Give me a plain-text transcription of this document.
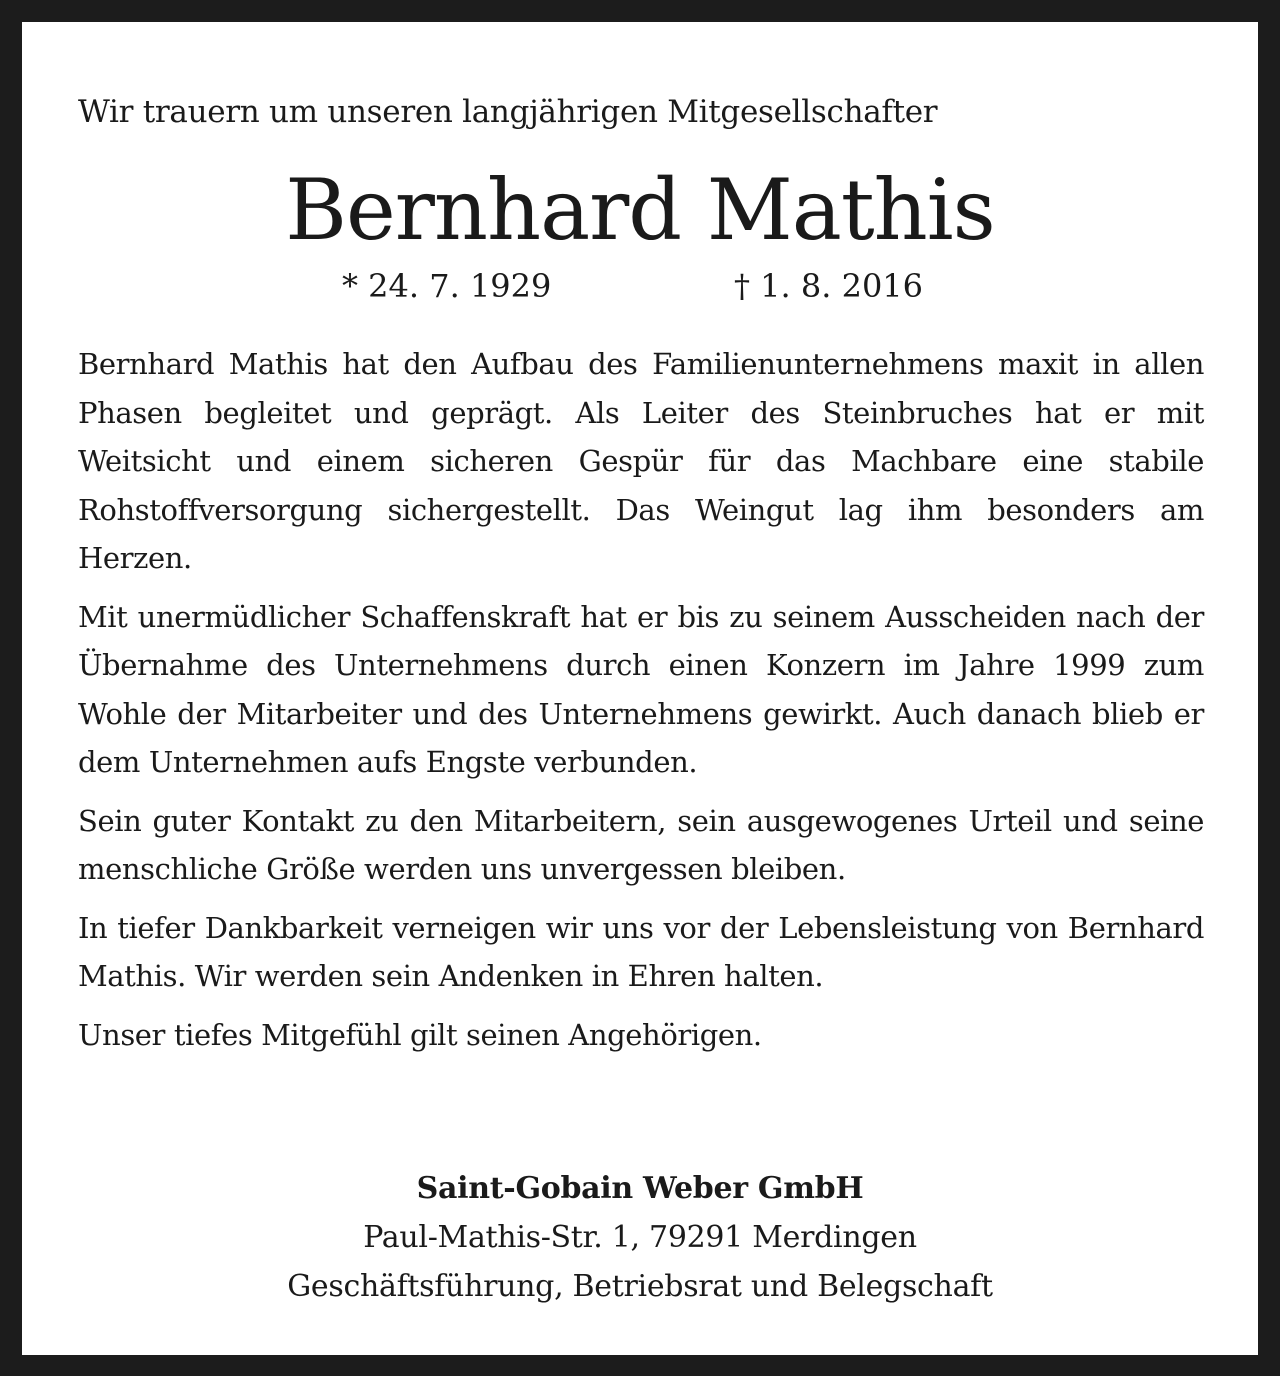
Wir trauern um unseren langjährigen Mitgesellschafter
Bernhard Mathis
* 24. 7. 1929	† 1. 8. 2016

Bernhard Mathis hat den Aufbau des Familienunternehmens maxit in allen Phasen begleitet und geprägt. Als Leiter des Steinbruches hat er mit Weitsicht und einem sicheren Gespür für das Machbare eine stabile Rohstoffversorgung sichergestellt. Das Weingut lag ihm besonders am Herzen.

Mit unermüdlicher Schaffenskraft hat er bis zu seinem Ausscheiden nach der Übernahme des Unternehmens durch einen Konzern im Jahre 1999 zum Wohle der Mitarbeiter und des Unternehmens gewirkt. Auch danach blieb er dem Unternehmen aufs Engste verbunden.

Sein guter Kontakt zu den Mitarbeitern, sein ausgewogenes Urteil und seine menschliche Größe werden uns unvergessen bleiben.

In tiefer Dankbarkeit verneigen wir uns vor der Lebensleistung von Bernhard Mathis. Wir werden sein Andenken in Ehren halten.

Unser tiefes Mitgefühl gilt seinen Angehörigen.

Saint-Gobain Weber GmbH
Paul-Mathis-Str. 1, 79291 Merdingen
Geschäftsführung, Betriebsrat und Belegschaft
